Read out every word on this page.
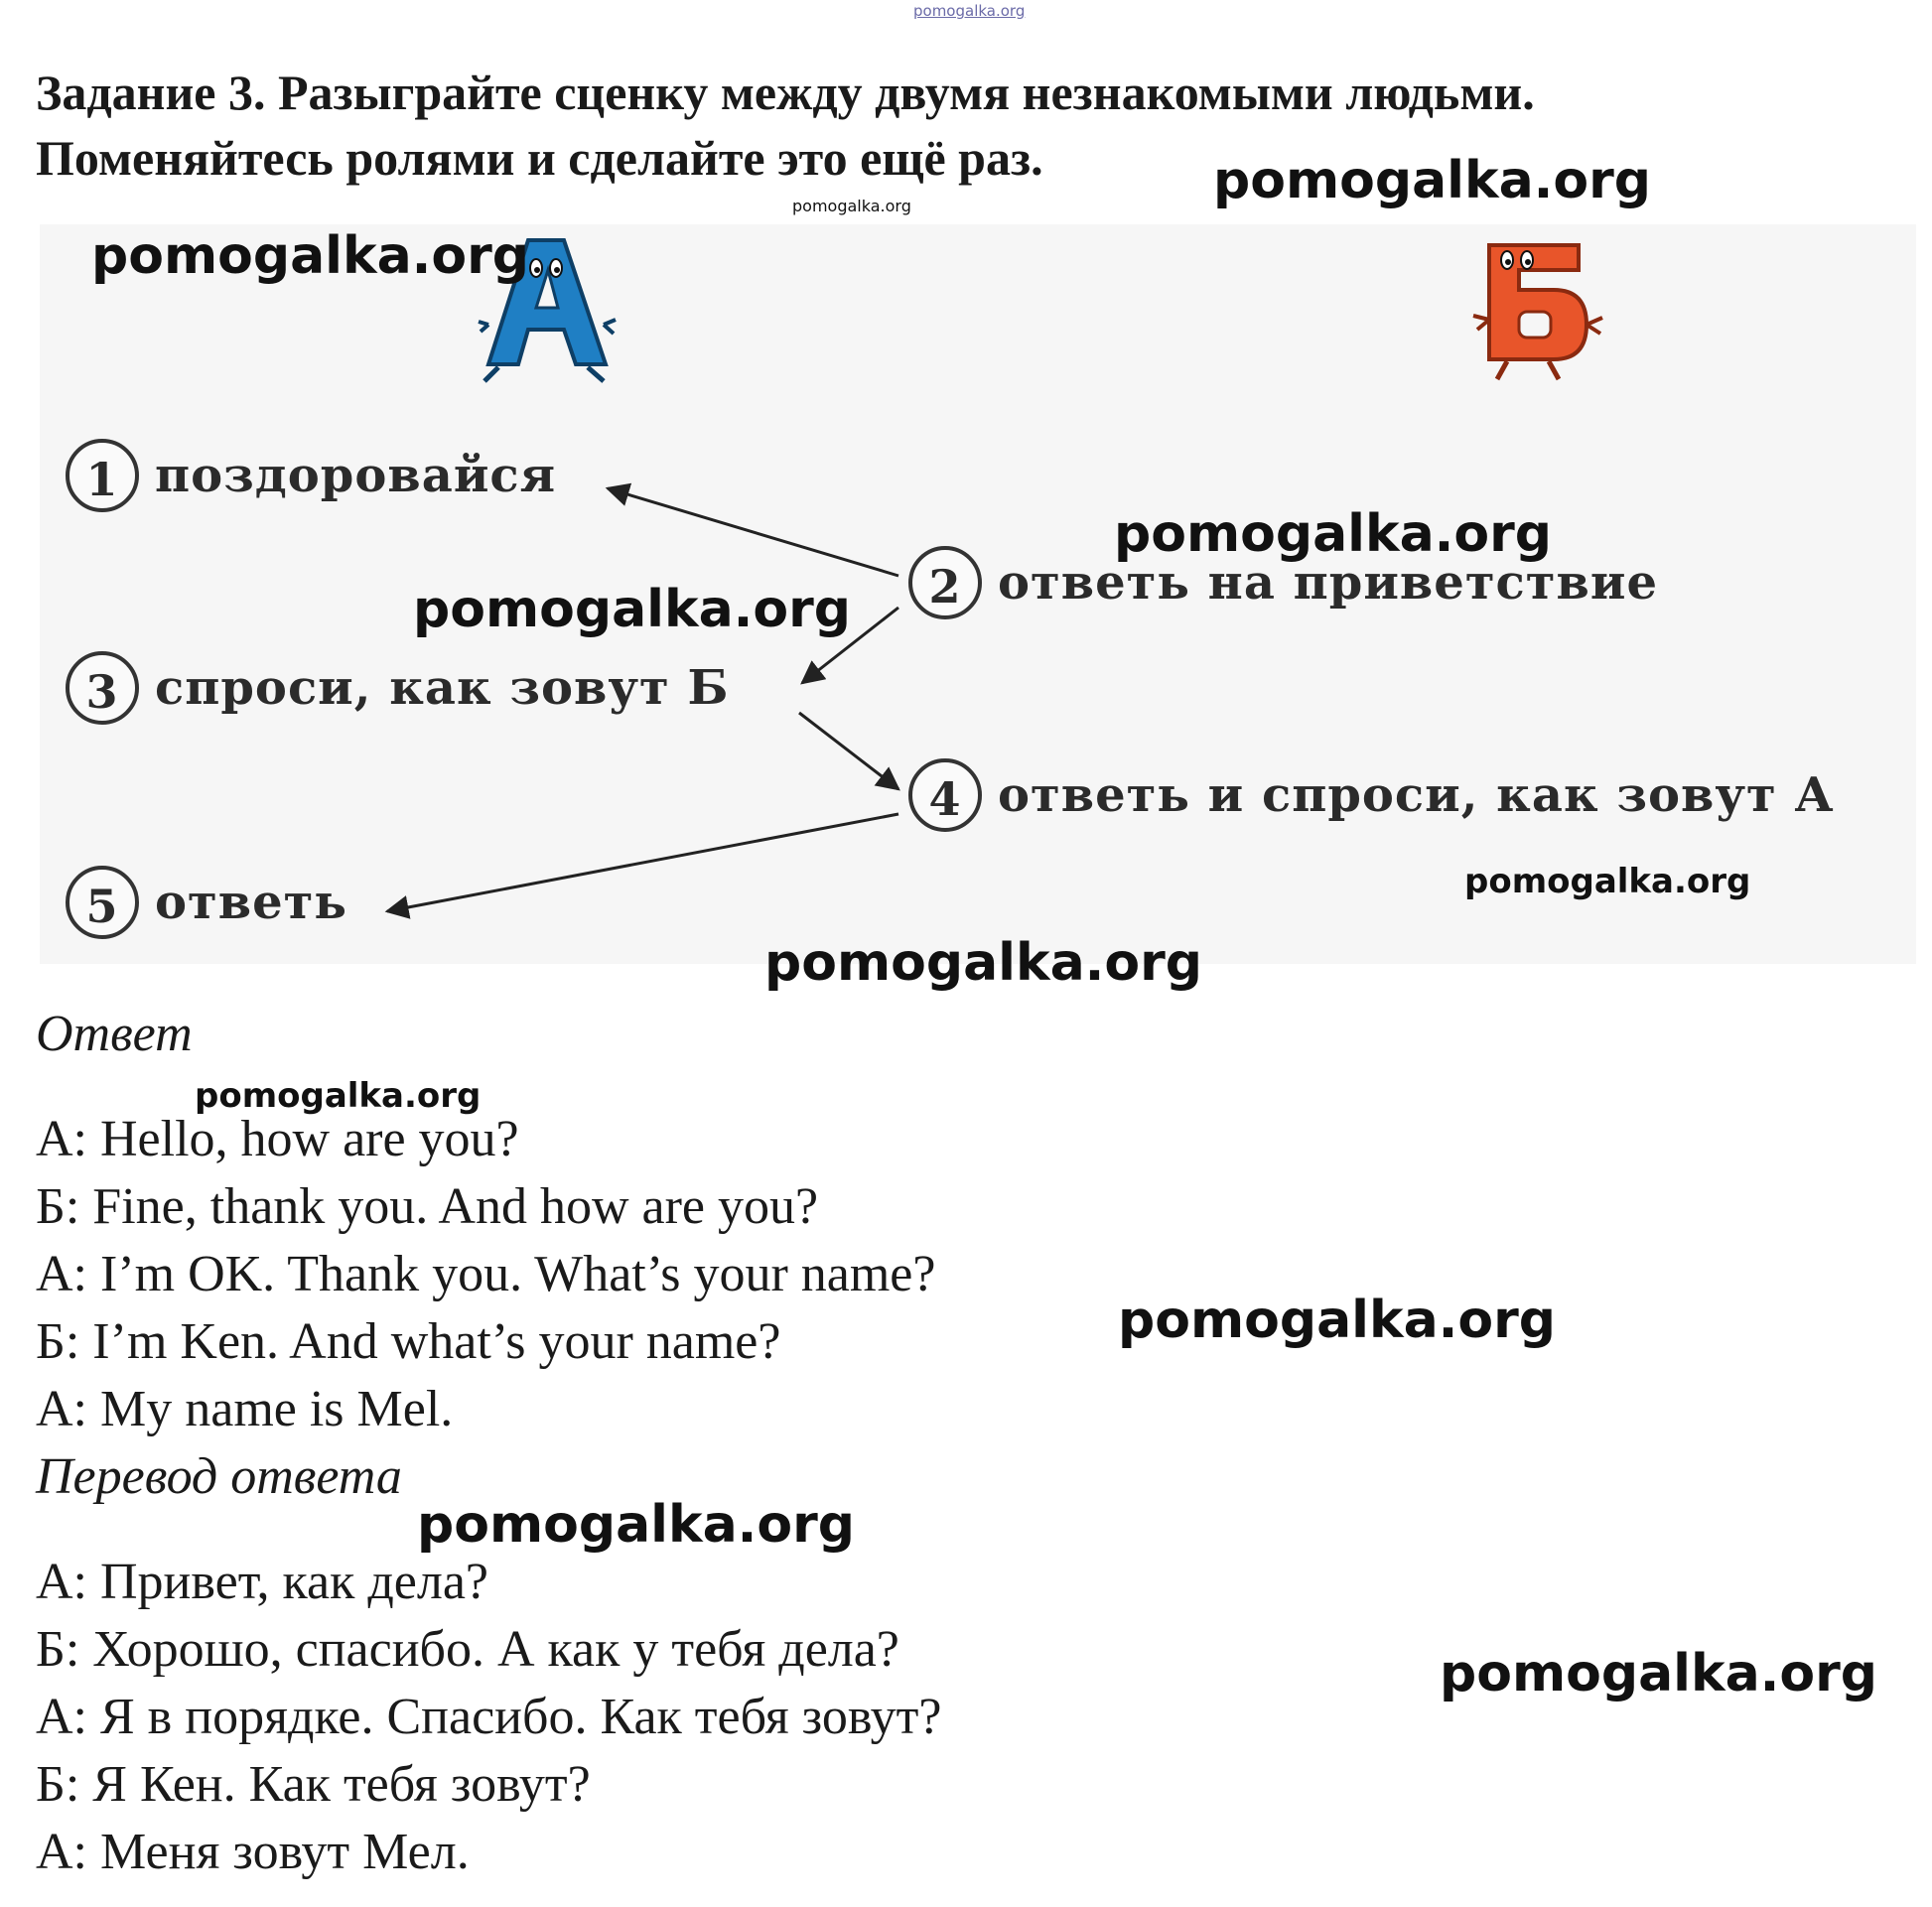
pomogalka.org
Задание 3. Разыграйте сценку между двумя незнакомыми людьми.
Поменяйтесь ролями и сделайте это ещё раз.
1 поздоровайся
2 ответь на приветствие
3 спроси, как зовут Б
4 ответь и спроси, как зовут А
5 ответь
pomogalka.org
pomogalka.org
pomogalka.org
pomogalka.org
pomogalka.org
pomogalka.org
pomogalka.org
Ответ
pomogalka.org
А: Hello, how are you?
Б: Fine, thank you. And how are you?
А: I’m OK. Thank you. What’s your name?
Б: I’m Ken. And what’s your name?
А: My name is Mel.
pomogalka.org
Перевод ответа
pomogalka.org
А: Привет, как дела?
Б: Хорошо, спасибо. А как у тебя дела?
А: Я в порядке. Спасибо. Как тебя зовут?
Б: Я Кен. Как тебя зовут?
А: Меня зовут Мел.
pomogalka.org
